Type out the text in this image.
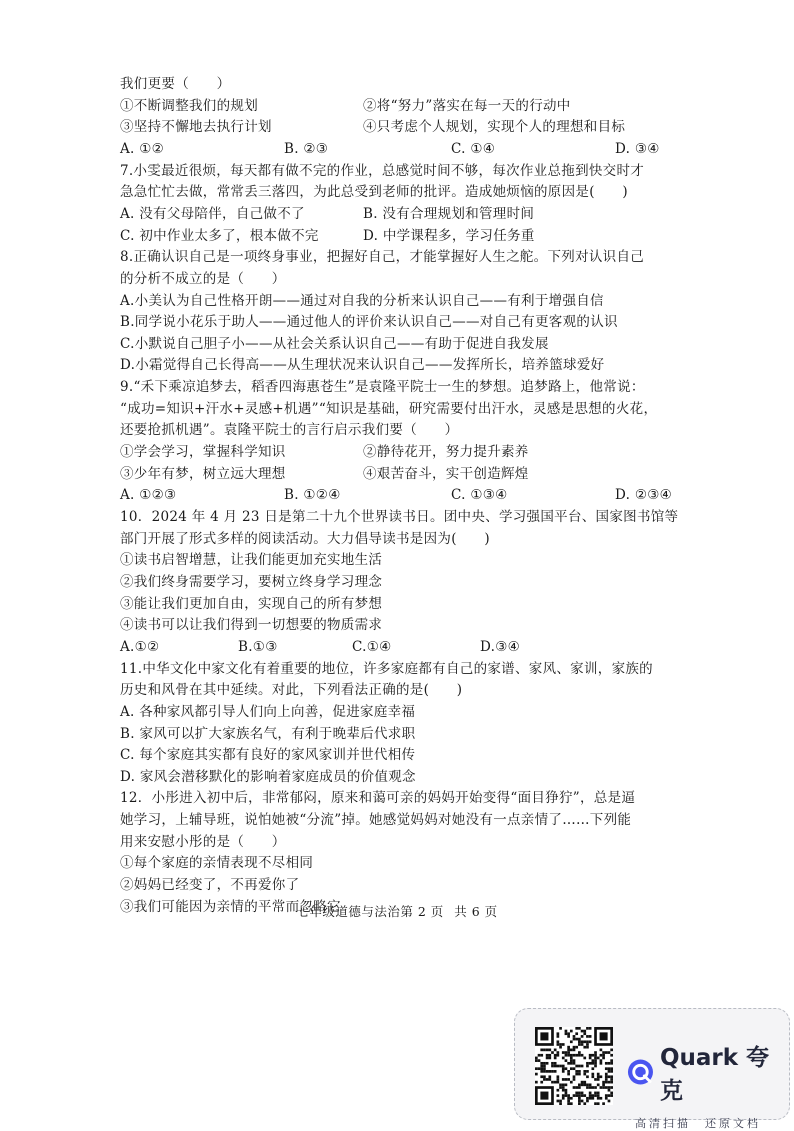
我们更要（　　）
①不断调整我们的规划	②将“努力”落实在每一天的行动中
③坚持不懈地去执行计划	④只考虑个人规划，实现个人的理想和目标
A. ①②	B. ②③	C. ①④	D. ③④
7.小雯最近很烦，每天都有做不完的作业，总感觉时间不够，每次作业总拖到快交时才
急急忙忙去做，常常丢三落四，为此总受到老师的批评。造成她烦恼的原因是(　　)
A. 没有父母陪伴，自己做不了	B. 没有合理规划和管理时间
C. 初中作业太多了，根本做不完	D. 中学课程多，学习任务重
8.正确认识自己是一项终身事业，把握好自己，才能掌握好人生之舵。下列对认识自己
的分析不成立的是（　　）
A.小美认为自己性格开朗——通过对自我的分析来认识自己——有利于增强自信
B.同学说小花乐于助人——通过他人的评价来认识自己——对自己有更客观的认识
C.小默说自己胆子小——从社会关系认识自己——有助于促进自我发展
D.小霜觉得自己长得高——从生理状况来认识自己——发挥所长，培养篮球爱好
9.“禾下乘凉追梦去，稻香四海惠苍生”是袁隆平院士一生的梦想。追梦路上，他常说：
“成功=知识+汗水+灵感+机遇”“知识是基础，研究需要付出汗水，灵感是思想的火花，
还要抢抓机遇”。袁隆平院士的言行启示我们要（　　）
①学会学习，掌握科学知识	②静待花开，努力提升素养
③少年有梦，树立远大理想	④艰苦奋斗，实干创造辉煌
A. ①②③	B. ①②④	C. ①③④	D. ②③④
10．2024 年 4 月 23 日是第二十九个世界读书日。团中央、学习强国平台、国家图书馆等
部门开展了形式多样的阅读活动。大力倡导读书是因为(　　)
①读书启智增慧，让我们能更加充实地生活
②我们终身需要学习，要树立终身学习理念
③能让我们更加自由，实现自己的所有梦想
④读书可以让我们得到一切想要的物质需求
A.①②	B.①③	C.①④	D.③④
11.中华文化中家文化有着重要的地位，许多家庭都有自己的家谱、家风、家训，家族的
历史和风骨在其中延续。对此，下列看法正确的是(　　)
A. 各种家风都引导人们向上向善，促进家庭幸福
B. 家风可以扩大家族名气，有利于晚辈后代求职
C. 每个家庭其实都有良好的家风家训并世代相传
D. 家风会潜移默化的影响着家庭成员的价值观念
12．小彤进入初中后，非常郁闷，原来和蔼可亲的妈妈开始变得“面目狰狞”，总是逼
她学习，上辅导班，说怕她被“分流”掉。她感觉妈妈对她没有一点亲情了……下列能
用来安慰小彤的是（　　）
①每个家庭的亲情表现不尽相同
②妈妈已经变了，不再爱你了
③我们可能因为亲情的平常而忽略它
七年级道德与法治第 2 页 共 6 页
Quark 夸克
高清扫描　还原文档
